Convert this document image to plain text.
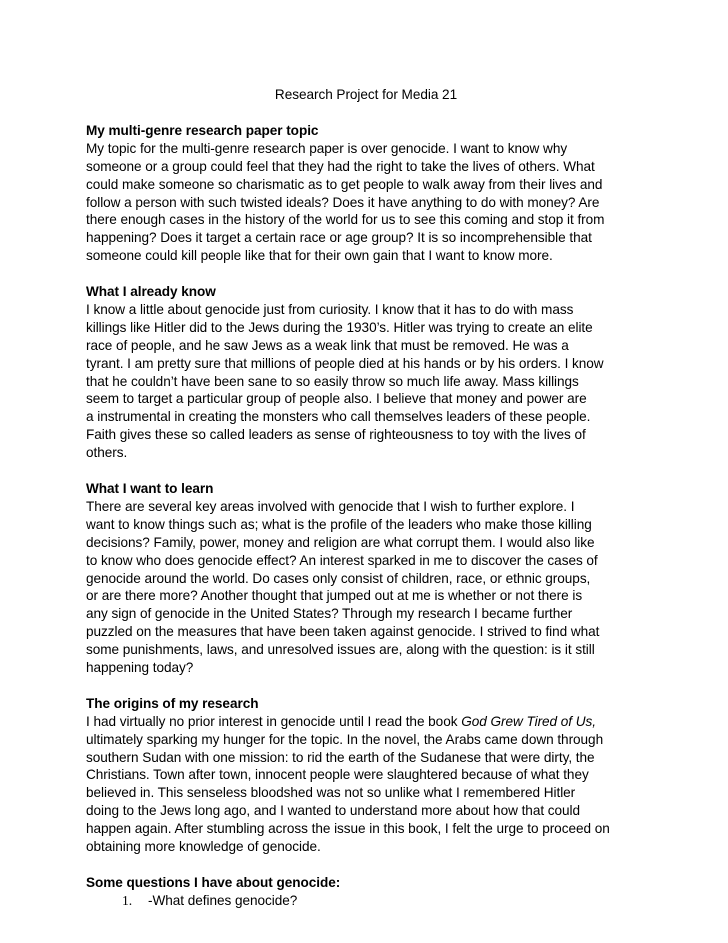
Research Project for Media 21
My multi-genre research paper topic
My topic for the multi-genre research paper is over genocide. I want to know why
someone or a group could feel that they had the right to take the lives of others. What
could make someone so charismatic as to get people to walk away from their lives and
follow a person with such twisted ideals? Does it have anything to do with money? Are
there enough cases in the history of the world for us to see this coming and stop it from
happening? Does it target a certain race or age group? It is so incomprehensible that
someone could kill people like that for their own gain that I want to know more.
What I already know
I know a little about genocide just from curiosity. I know that it has to do with mass
killings like Hitler did to the Jews during the 1930’s. Hitler was trying to create an elite
race of people, and he saw Jews as a weak link that must be removed. He was a
tyrant. I am pretty sure that millions of people died at his hands or by his orders. I know
that he couldn’t have been sane to so easily throw so much life away. Mass killings
seem to target a particular group of people also. I believe that money and power are
a instrumental in creating the monsters who call themselves leaders of these people.
Faith gives these so called leaders as sense of righteousness to toy with the lives of
others.
What I want to learn
There are several key areas involved with genocide that I wish to further explore. I
want to know things such as; what is the profile of the leaders who make those killing
decisions? Family, power, money and religion are what corrupt them. I would also like
to know who does genocide effect? An interest sparked in me to discover the cases of
genocide around the world. Do cases only consist of children, race, or ethnic groups,
or are there more? Another thought that jumped out at me is whether or not there is
any sign of genocide in the United States? Through my research I became further
puzzled on the measures that have been taken against genocide. I strived to find what
some punishments, laws, and unresolved issues are, along with the question: is it still
happening today?
The origins of my research
I had virtually no prior interest in genocide until I read the book God Grew Tired of Us,
ultimately sparking my hunger for the topic. In the novel, the Arabs came down through
southern Sudan with one mission: to rid the earth of the Sudanese that were dirty, the
Christians. Town after town, innocent people were slaughtered because of what they
believed in. This senseless bloodshed was not so unlike what I remembered Hitler
doing to the Jews long ago, and I wanted to understand more about how that could
happen again. After stumbling across the issue in this book, I felt the urge to proceed on
obtaining more knowledge of genocide.
Some questions I have about genocide:
1. -What defines genocide?
